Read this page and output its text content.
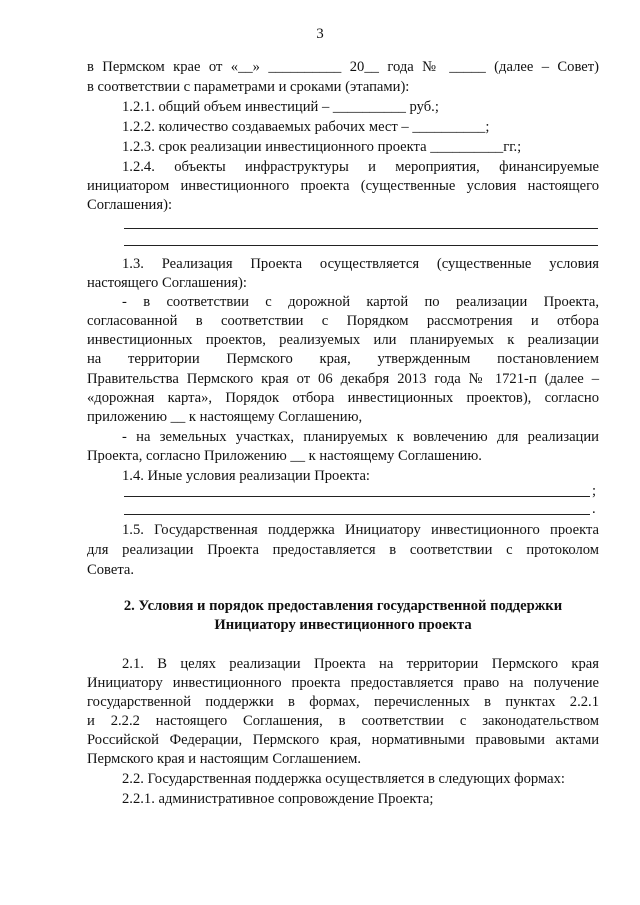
3
в Пермском крае от «__» __________ 20__ года № _____ (далее – Совет)
в соответствии с параметрами и сроками (этапами):
1.2.1. общий объем инвестиций – __________ руб.;
1.2.2. количество создаваемых рабочих мест – __________;
1.2.3. срок реализации инвестиционного проекта __________гг.;
1.2.4. объекты инфраструктуры и мероприятия, финансируемые
инициатором инвестиционного проекта (существенные условия настоящего
Соглашения):
1.3. Реализация Проекта осуществляется (существенные условия
настоящего Соглашения):
- в соответствии с дорожной картой по реализации Проекта,
согласованной в соответствии с Порядком рассмотрения и отбора
инвестиционных проектов, реализуемых или планируемых к реализации
на территории Пермского края, утвержденным постановлением
Правительства Пермского края от 06 декабря 2013 года № 1721-п (далее –
«дорожная карта», Порядок отбора инвестиционных проектов), согласно
приложению __ к настоящему Соглашению,
- на земельных участках, планируемых к вовлечению для реализации
Проекта, согласно Приложению __ к настоящему Соглашению.
1.4. Иные условия реализации Проекта:
;
.
1.5. Государственная поддержка Инициатору инвестиционного проекта
для реализации Проекта предоставляется в соответствии с протоколом
Совета.
2. Условия и порядок предоставления государственной поддержки
Инициатору инвестиционного проекта
2.1. В целях реализации Проекта на территории Пермского края
Инициатору инвестиционного проекта предоставляется право на получение
государственной поддержки в формах, перечисленных в пунктах 2.2.1
и 2.2.2 настоящего Соглашения, в соответствии с законодательством
Российской Федерации, Пермского края, нормативными правовыми актами
Пермского края и настоящим Соглашением.
2.2. Государственная поддержка осуществляется в следующих формах:
2.2.1. административное сопровождение Проекта;
